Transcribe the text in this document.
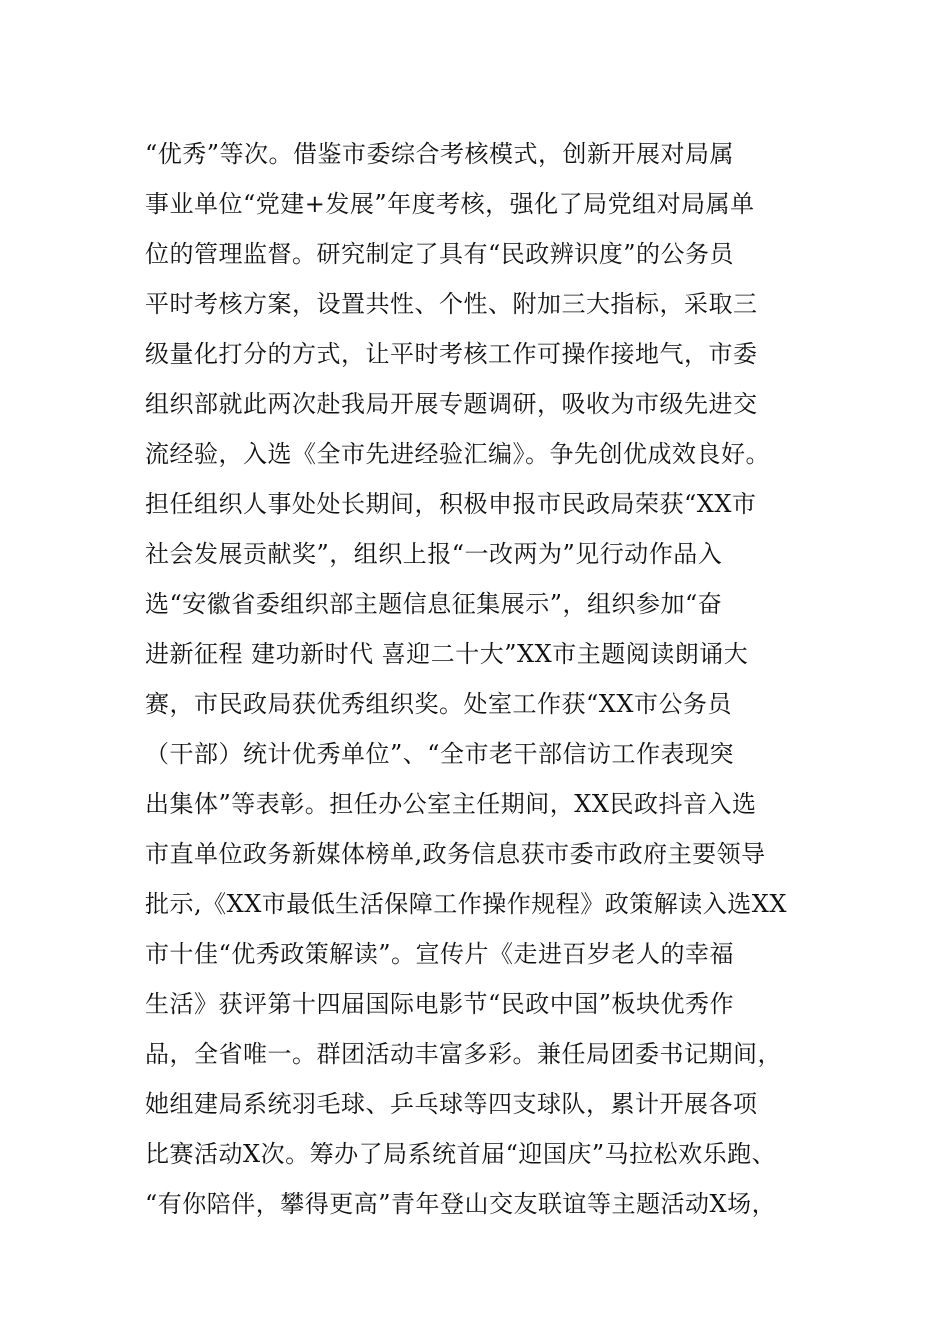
“优秀”等次。借鉴市委综合考核模式，创新开展对局属
事业单位“党建+发展”年度考核，强化了局党组对局属单
位的管理监督。研究制定了具有“民政辨识度”的公务员
平时考核方案，设置共性、个性、附加三大指标，采取三
级量化打分的方式，让平时考核工作可操作接地气，市委
组织部就此两次赴我局开展专题调研，吸收为市级先进交
流经验，入选《全市先进经验汇编》。争先创优成效良好。
担任组织人事处处长期间，积极申报市民政局荣获“XX市
社会发展贡献奖”，组织上报“一改两为”见行动作品入
选“安徽省委组织部主题信息征集展示”，组织参加“奋
进新征程 建功新时代 喜迎二十大”XX市主题阅读朗诵大
赛，市民政局获优秀组织奖。处室工作获“XX市公务员
（干部）统计优秀单位”、“全市老干部信访工作表现突
出集体”等表彰。担任办公室主任期间，XX民政抖音入选
市直单位政务新媒体榜单,政务信息获市委市政府主要领导
批示,《XX市最低生活保障工作操作规程》政策解读入选XX
市十佳“优秀政策解读”。宣传片《走进百岁老人的幸福
生活》获评第十四届国际电影节“民政中国”板块优秀作
品，全省唯一。群团活动丰富多彩。兼任局团委书记期间，
她组建局系统羽毛球、乒乓球等四支球队，累计开展各项
比赛活动X次。筹办了局系统首届“迎国庆”马拉松欢乐跑、
“有你陪伴，攀得更高”青年登山交友联谊等主题活动X场，
